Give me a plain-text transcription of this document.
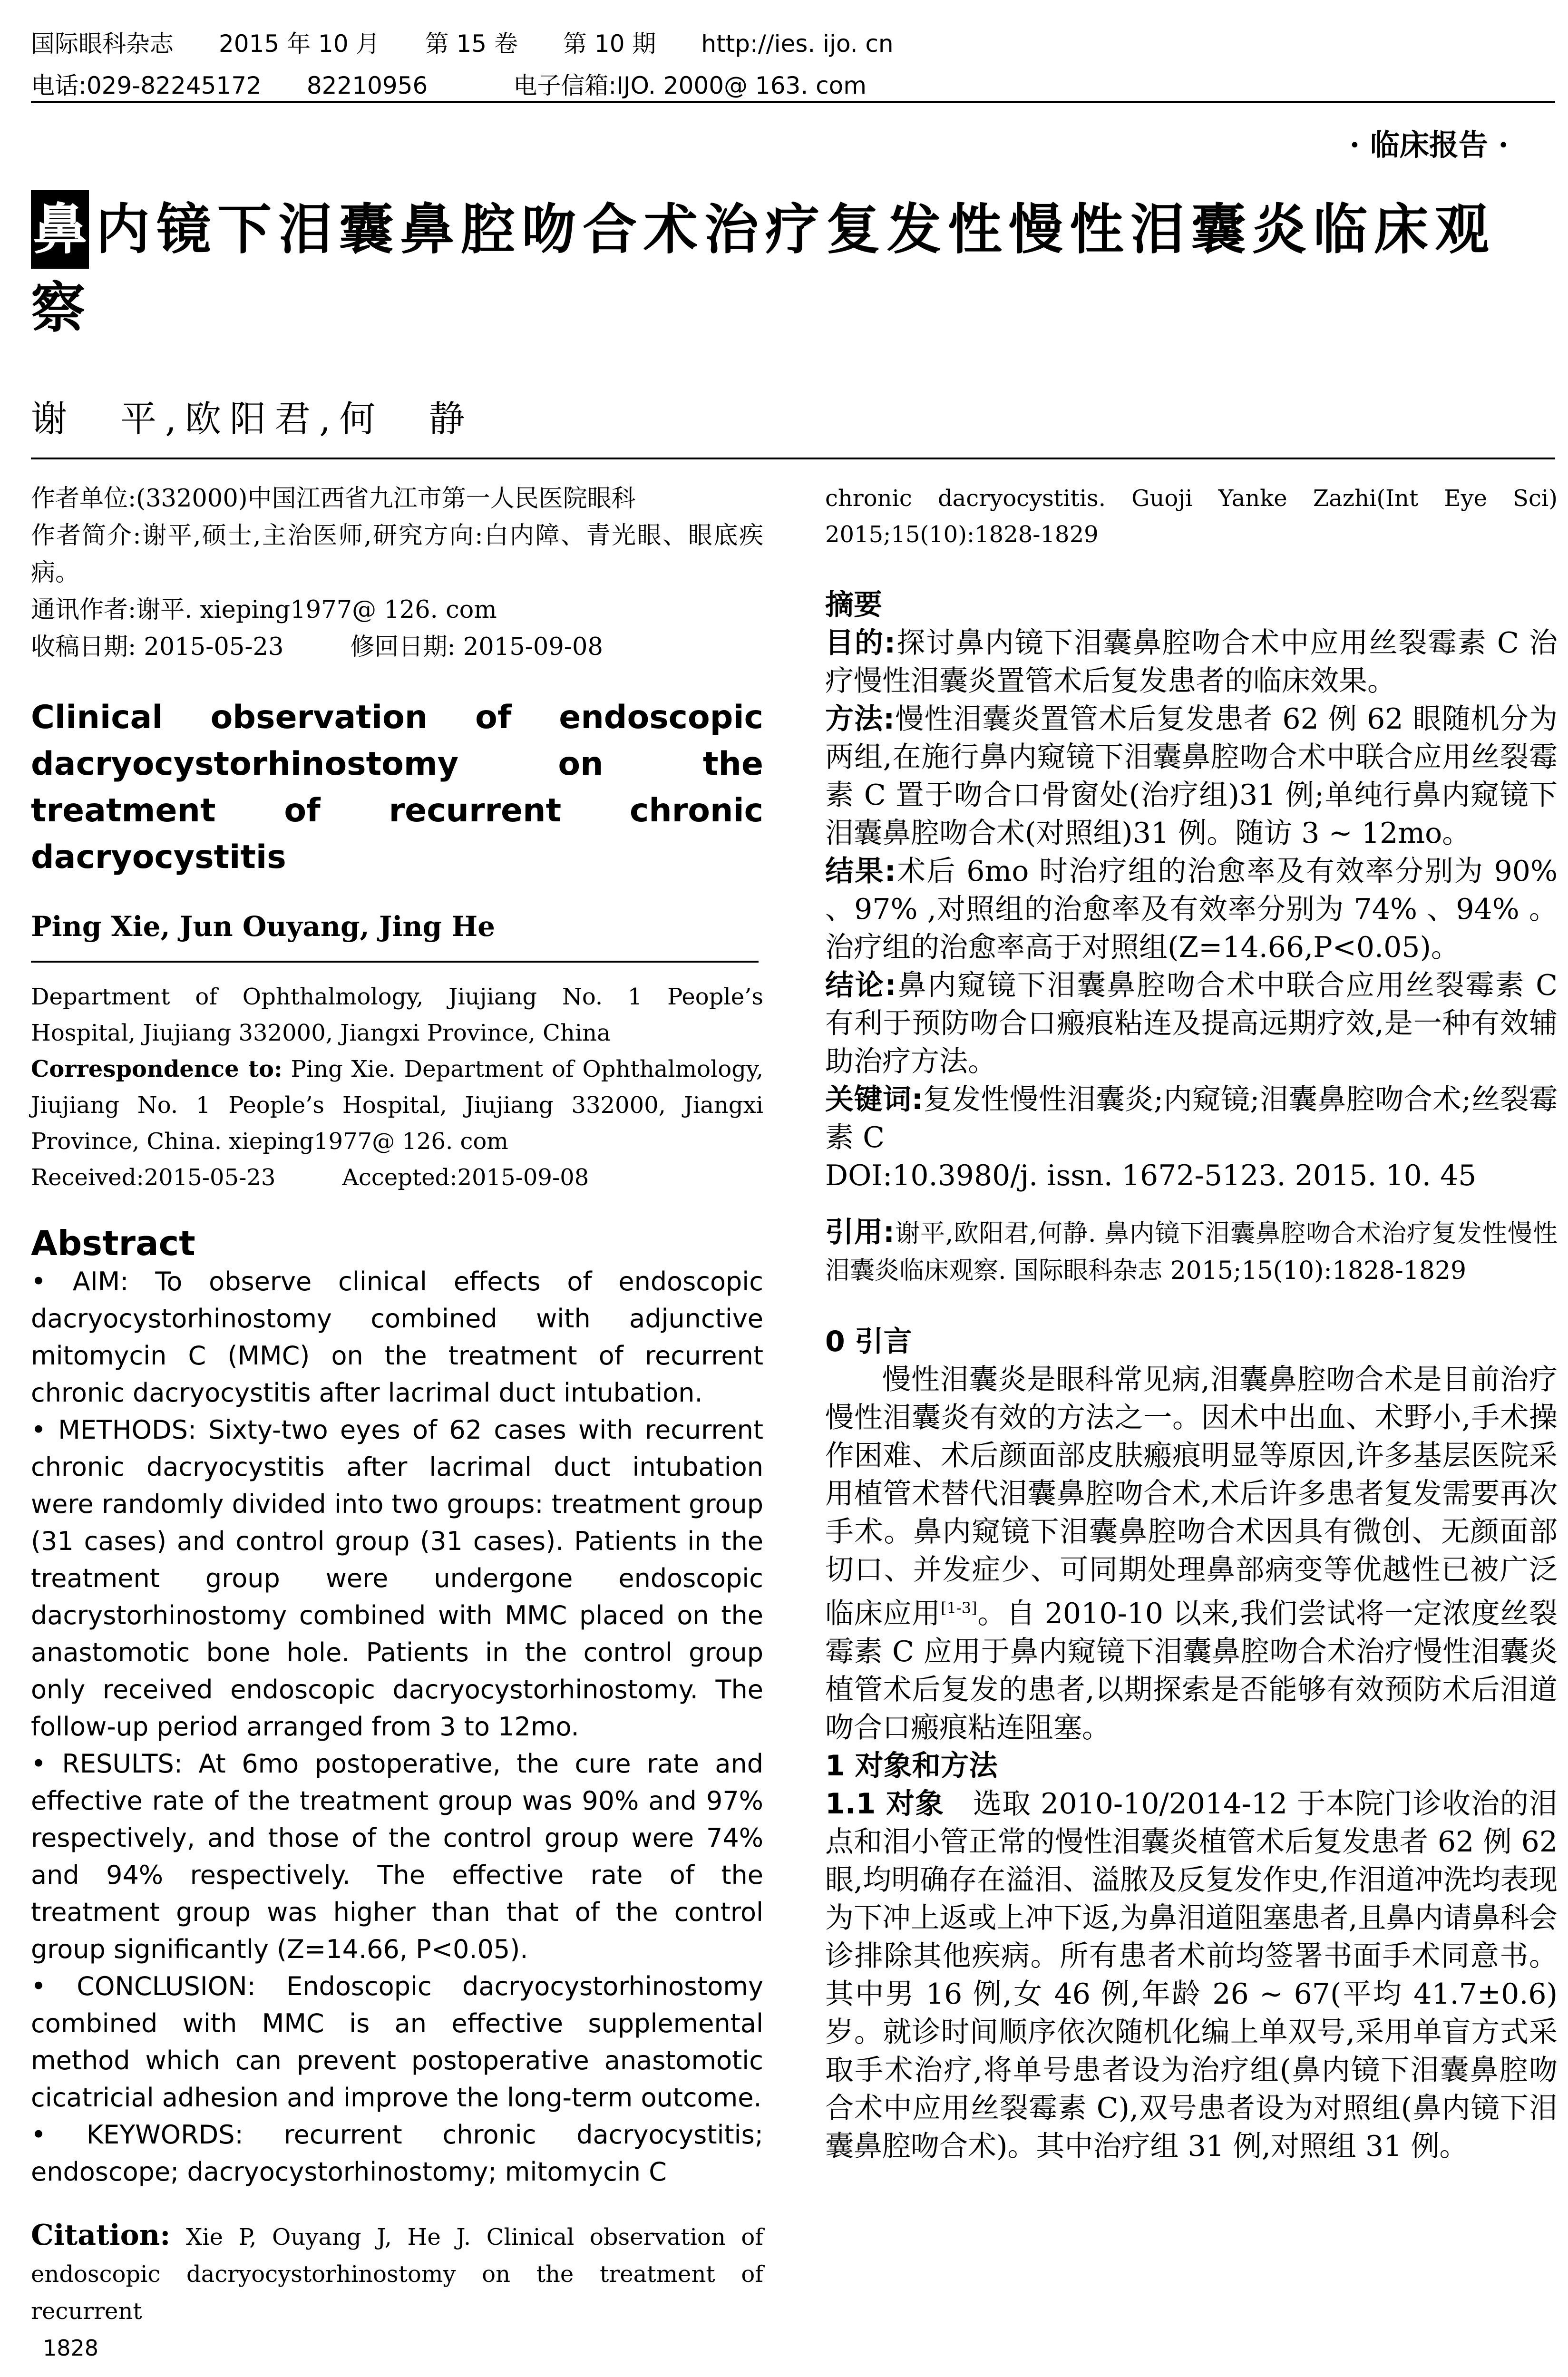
国际眼科杂志 2015 年 10 月 第 15 卷 第 10 期 http://ies. ijo. cn
电话:029-82245172 82210956	电子信箱:IJO. 2000@ 163. com
· 临床报告 ·
鼻 内镜下泪囊鼻腔吻合术治疗复发性慢性泪囊炎临床观察
谢　平,欧阳君,何　静
作者单位:(332000)中国江西省九江市第一人民医院眼科
作者简介:谢平,硕士,主治医师,研究方向:白内障、青光眼、眼底疾病。
通讯作者:谢平. xieping1977@ 126. com
收稿日期: 2015-05-23	修回日期: 2015-09-08
Clinical observation of endoscopic dacryocystorhinostomy on the treatment of recurrent chronic dacryocystitis
Ping Xie, Jun Ouyang, Jing He
Department of Ophthalmology, Jiujiang No. 1 People’s Hospital, Jiujiang 332000, Jiangxi Province, China
Correspondence to: Ping Xie. Department of Ophthalmology, Jiujiang No. 1 People’s Hospital, Jiujiang 332000, Jiangxi Province, China. xieping1977@ 126. com
Received:2015-05-23	Accepted:2015-09-08
Abstract

• AIM: To observe clinical effects of endoscopic dacryocystorhinostomy combined with adjunctive mitomycin C (MMC) on the treatment of recurrent chronic dacryocystitis after lacrimal duct intubation.

• METHODS: Sixty-two eyes of 62 cases with recurrent chronic dacryocystitis after lacrimal duct intubation were randomly divided into two groups: treatment group (31 cases) and control group (31 cases). Patients in the treatment group were undergone endoscopic dacrystorhinostomy combined with MMC placed on the anastomotic bone hole. Patients in the control group only received endoscopic dacryocystorhinostomy. The follow-up period arranged from 3 to 12mo.

• RESULTS: At 6mo postoperative, the cure rate and effective rate of the treatment group was 90% and 97% respectively, and those of the control group were 74% and 94% respectively. The effective rate of the treatment group was higher than that of the control group significantly (Z=14.66, P<0.05).

• CONCLUSION: Endoscopic dacryocystorhinostomy combined with MMC is an effective supplemental method which can prevent postoperative anastomotic cicatricial adhesion and improve the long-term outcome.

• KEYWORDS: recurrent chronic dacryocystitis; endoscope; dacryocystorhinostomy; mitomycin C

Citation: Xie P, Ouyang J, He J. Clinical observation of endoscopic dacryocystorhinostomy on the treatment of recurrent
chronic dacryocystitis. Guoji Yanke Zazhi(Int Eye Sci) 2015;15(10):1828-1829
摘要
目的:探讨鼻内镜下泪囊鼻腔吻合术中应用丝裂霉素 C 治疗慢性泪囊炎置管术后复发患者的临床效果。
方法:慢性泪囊炎置管术后复发患者 62 例 62 眼随机分为两组,在施行鼻内窥镜下泪囊鼻腔吻合术中联合应用丝裂霉素 C 置于吻合口骨窗处(治疗组)31 例;单纯行鼻内窥镜下泪囊鼻腔吻合术(对照组)31 例。随访 3 ~ 12mo。
结果:术后 6mo 时治疗组的治愈率及有效率分别为 90% 、97% ,对照组的治愈率及有效率分别为 74% 、94% 。治疗组的治愈率高于对照组(Z=14.66,P<0.05)。
结论:鼻内窥镜下泪囊鼻腔吻合术中联合应用丝裂霉素 C 有利于预防吻合口瘢痕粘连及提高远期疗效,是一种有效辅助治疗方法。
关键词:复发性慢性泪囊炎;内窥镜;泪囊鼻腔吻合术;丝裂霉素 C
DOI:10.3980/j. issn. 1672-5123. 2015. 10. 45
引用:谢平,欧阳君,何静. 鼻内镜下泪囊鼻腔吻合术治疗复发性慢性泪囊炎临床观察. 国际眼科杂志 2015;15(10):1828-1829
0 引言
慢性泪囊炎是眼科常见病,泪囊鼻腔吻合术是目前治疗慢性泪囊炎有效的方法之一。因术中出血、术野小,手术操作困难、术后颜面部皮肤瘢痕明显等原因,许多基层医院采用植管术替代泪囊鼻腔吻合术,术后许多患者复发需要再次手术。鼻内窥镜下泪囊鼻腔吻合术因具有微创、无颜面部切口、并发症少、可同期处理鼻部病变等优越性已被广泛临床应用[1-3]。自 2010-10 以来,我们尝试将一定浓度丝裂霉素 C 应用于鼻内窥镜下泪囊鼻腔吻合术治疗慢性泪囊炎植管术后复发的患者,以期探索是否能够有效预防术后泪道吻合口瘢痕粘连阻塞。
1 对象和方法
1.1 对象　选取 2010-10/2014-12 于本院门诊收治的泪点和泪小管正常的慢性泪囊炎植管术后复发患者 62 例 62 眼,均明确存在溢泪、溢脓及反复发作史,作泪道冲洗均表现为下冲上返或上冲下返,为鼻泪道阻塞患者,且鼻内请鼻科会诊排除其他疾病。所有患者术前均签署书面手术同意书。其中男 16 例,女 46 例,年龄 26 ~ 67(平均 41.7±0.6)岁。就诊时间顺序依次随机化编上单双号,采用单盲方式采取手术治疗,将单号患者设为治疗组(鼻内镜下泪囊鼻腔吻合术中应用丝裂霉素 C),双号患者设为对照组(鼻内镜下泪囊鼻腔吻合术)。其中治疗组 31 例,对照组 31 例。
1828
